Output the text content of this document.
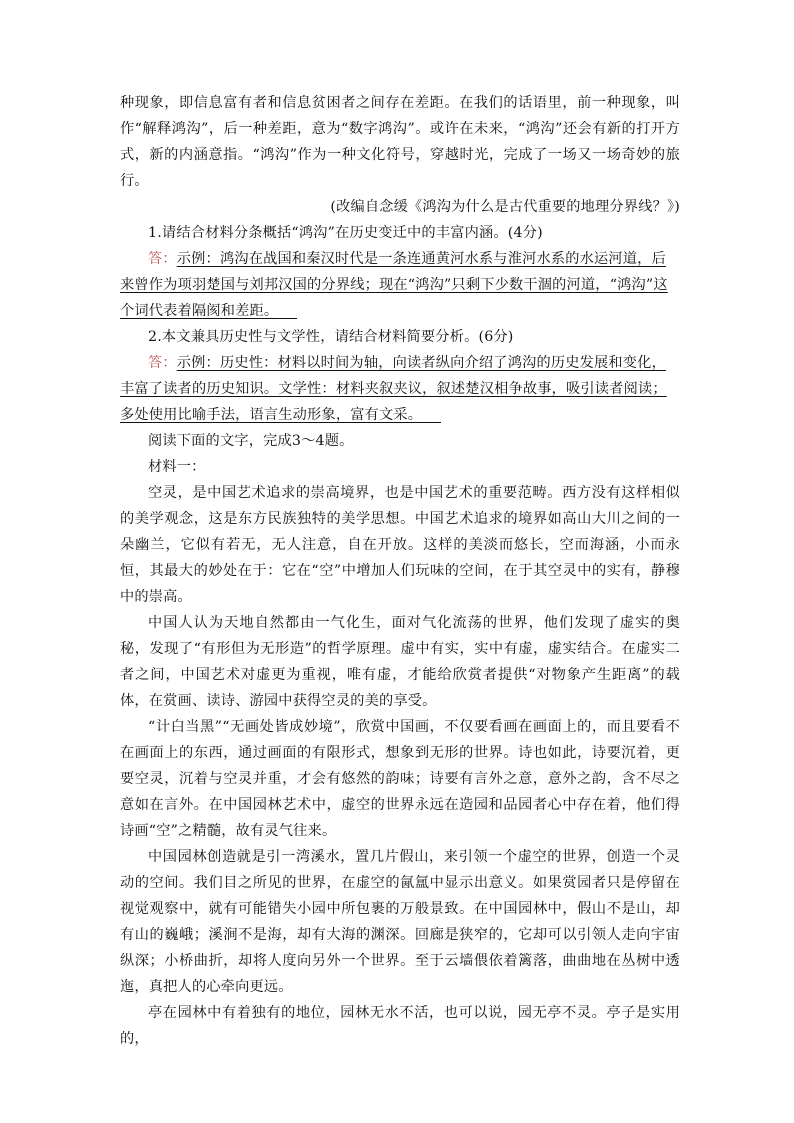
种现象，即信息富有者和信息贫困者之间存在差距。在我们的话语里，前一种现象，叫作“解释鸿沟”，后一种差距，意为“数字鸿沟”。或许在未来，“鸿沟”还会有新的打开方式，新的内涵意指。“鸿沟”作为一种文化符号，穿越时光，完成了一场又一场奇妙的旅行。

(改编自念缓《鸿沟为什么是古代重要的地理分界线？》)

1.请结合材料分条概括“鸿沟”在历史变迁中的丰富内涵。(4分)

答：示例：鸿沟在战国和秦汉时代是一条连通黄河水系与淮河水系的水运河道，后来曾作为项羽楚国与刘邦汉国的分界线；现在“鸿沟”只剩下少数干涸的河道，“鸿沟”这个词代表着隔阂和差距。

2.本文兼具历史性与文学性，请结合材料简要分析。(6分)

答：示例：历史性：材料以时间为轴，向读者纵向介绍了鸿沟的历史发展和变化，丰富了读者的历史知识。文学性：材料夹叙夹议，叙述楚汉相争故事，吸引读者阅读；多处使用比喻手法，语言生动形象，富有文采。

阅读下面的文字，完成3～4题。

材料一：

空灵，是中国艺术追求的崇高境界，也是中国艺术的重要范畴。西方没有这样相似的美学观念，这是东方民族独特的美学思想。中国艺术追求的境界如高山大川之间的一朵幽兰，它似有若无，无人注意，自在开放。这样的美淡而悠长，空而海涵，小而永恒，其最大的妙处在于：它在“空”中增加人们玩味的空间，在于其空灵中的实有，静穆中的崇高。

中国人认为天地自然都由一气化生，面对气化流荡的世界，他们发现了虚实的奥秘，发现了“有形但为无形造”的哲学原理。虚中有实，实中有虚，虚实结合。在虚实二者之间，中国艺术对虚更为重视，唯有虚，才能给欣赏者提供“对物象产生距离”的载体，在赏画、读诗、游园中获得空灵的美的享受。

“计白当黑”“无画处皆成妙境”，欣赏中国画，不仅要看画在画面上的，而且要看不在画面上的东西，通过画面的有限形式，想象到无形的世界。诗也如此，诗要沉着，更要空灵，沉着与空灵并重，才会有悠然的韵味；诗要有言外之意，意外之韵，含不尽之意如在言外。在中国园林艺术中，虚空的世界永远在造园和品园者心中存在着，他们得诗画“空”之精髓，故有灵气往来。

中国园林创造就是引一湾溪水，置几片假山，来引领一个虚空的世界，创造一个灵动的空间。我们目之所见的世界，在虚空的氤氲中显示出意义。如果赏园者只是停留在视觉观察中，就有可能错失小园中所包裹的万般景致。在中国园林中，假山不是山，却有山的巍峨；溪涧不是海，却有大海的渊深。回廊是狭窄的，它却可以引领人走向宇宙纵深；小桥曲折，却将人度向另外一个世界。至于云墙偎依着篱落，曲曲地在丛树中透迤，真把人的心牵向更远。

亭在园林中有着独有的地位，园林无水不活，也可以说，园无亭不灵。亭子是实用的，
